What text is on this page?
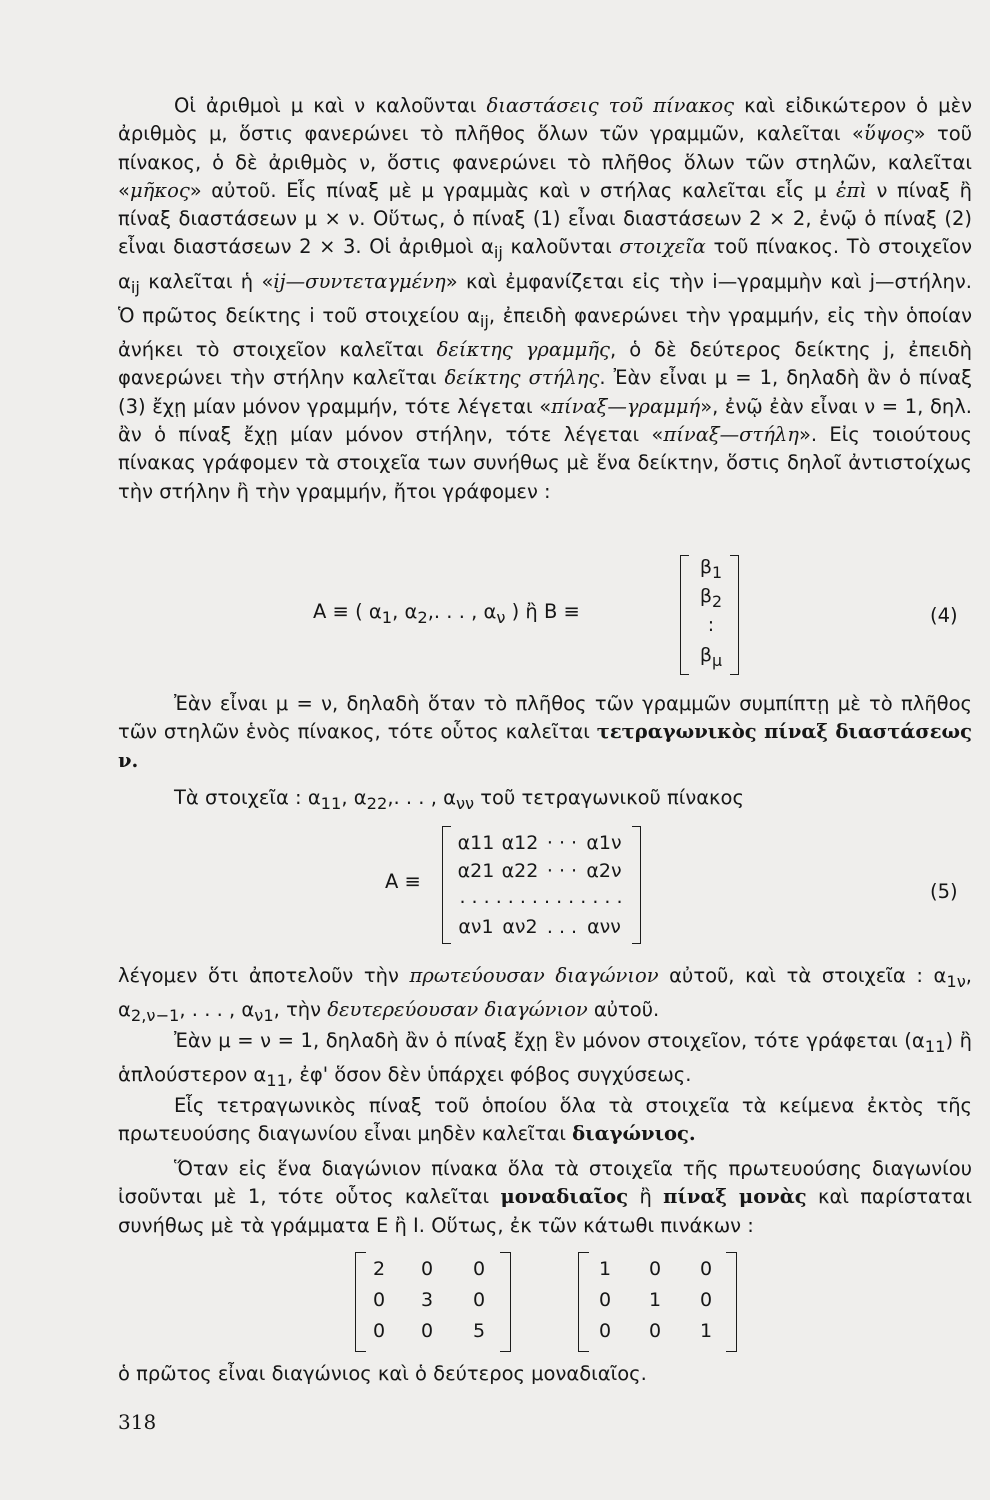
Οἱ ἀριθμοὶ μ καὶ ν καλοῦνται διαστάσεις τοῦ πίνακος καὶ εἰδικώτερον ὁ μὲν ἀριθμὸς μ, ὅστις φανερώνει τὸ πλῆθος ὅλων τῶν γραμμῶν, καλεῖται «ὕψος» τοῦ πίνακος, ὁ δὲ ἀριθμὸς ν, ὅστις φανερώνει τὸ πλῆθος ὅλων τῶν στηλῶν, καλεῖται «μῆκος» αὐτοῦ. Εἷς πίναξ μὲ μ γραμμὰς καὶ ν στήλας καλεῖται εἷς μ ἐπὶ ν πίναξ ἢ πίναξ διαστάσεων μ × ν. Οὕτως, ὁ πίναξ (1) εἶναι διαστάσεων 2 × 2, ἐνῷ ὁ πίναξ (2) εἶναι διαστάσεων 2 × 3. Οἱ ἀριθμοὶ $\alpha_{ij}$ καλοῦνται στοιχεῖα τοῦ πίνακος. Τὸ στοιχεῖον $\alpha_{ij}$ καλεῖται ἡ «ij—συντεταγμένη» καὶ ἐμφανίζεται εἰς τὴν i—γραμμὴν καὶ j—στήλην. Ὁ πρῶτος δείκτης i τοῦ στοιχείου $\alpha_{ij}$, ἐπειδὴ φανερώνει τὴν γραμμήν, εἰς τὴν ὁποίαν ἀνήκει τὸ στοιχεῖον καλεῖται δείκτης γραμμῆς, ὁ δὲ δεύτερος δείκτης j, ἐπειδὴ φανερώνει τὴν στήλην καλεῖται δείκτης στήλης. Ἐὰν εἶναι μ = 1, δηλαδὴ ἂν ὁ πίναξ (3) ἔχῃ μίαν μόνον γραμμήν, τότε λέγεται «πίναξ—γραμμή», ἐνῷ ἐὰν εἶναι ν = 1, δηλ. ἂν ὁ πίναξ ἔχῃ μίαν μόνον στήλην, τότε λέγεται «πίναξ—στήλη». Εἰς τοιούτους πίνακας γράφομεν τὰ στοιχεῖα των συνήθως μὲ ἕνα δείκτην, ὅστις δηλοῖ ἀντιστοίχως τὴν στήλην ἢ τὴν γραμμήν, ἤτοι γράφομεν :

A ≡ ( $\alpha_1$, $\alpha_2$,. . . , $\alpha_\nu$ ) ἢ B ≡
$\beta_1$
$\beta_2$
:
$\beta_\mu$
(4)

Ἐὰν εἶναι μ = ν, δηλαδὴ ὅταν τὸ πλῆθος τῶν γραμμῶν συμπίπτῃ μὲ τὸ πλῆθος τῶν στηλῶν ἑνὸς πίνακος, τότε οὗτος καλεῖται τετραγωνικὸς πίναξ διαστάσεως ν.

Τὰ στοιχεῖα : $\alpha_{11}$, $\alpha_{22}$,. . . , $\alpha_{\nu\nu}$ τοῦ τετραγωνικοῦ πίνακος

A ≡
α11 α12 · · · α1ν
α21 α22 · · · α2ν
. . . . . . . . . . . . . .
αν1 αν2 . . . ανν
(5)

λέγομεν ὅτι ἀποτελοῦν τὴν πρωτεύουσαν διαγώνιον αὐτοῦ, καὶ τὰ στοιχεῖα : $\alpha_{1\nu}$, $\alpha_{2,\nu-1}$, . . . , $\alpha_{\nu 1}$, τὴν δευτερεύουσαν διαγώνιον αὐτοῦ.

Ἐὰν μ = ν = 1, δηλαδὴ ἂν ὁ πίναξ ἔχῃ ἓν μόνον στοιχεῖον, τότε γράφεται $(\alpha_{11})$ ἢ ἁπλούστερον $\alpha_{11}$, ἐφ' ὅσον δὲν ὑπάρχει φόβος συγχύσεως.

Εἷς τετραγωνικὸς πίναξ τοῦ ὁποίου ὅλα τὰ στοιχεῖα τὰ κείμενα ἐκτὸς τῆς πρωτευούσης διαγωνίου εἶναι μηδὲν καλεῖται διαγώνιος.

Ὅταν εἰς ἕνα διαγώνιον πίνακα ὅλα τὰ στοιχεῖα τῆς πρωτευούσης διαγωνίου ἰσοῦνται μὲ 1, τότε οὗτος καλεῖται μοναδιαῖος ἢ πίναξ μονὰς καὶ παρίσταται συνήθως μὲ τὰ γράμματα E ἢ I. Οὕτως, ἐκ τῶν κάτωθι πινάκων :

2	0	0
0	3	0
0	0	5
1	0	0
0	1	0
0	0	1

ὁ πρῶτος εἶναι διαγώνιος καὶ ὁ δεύτερος μοναδιαῖος.

318
